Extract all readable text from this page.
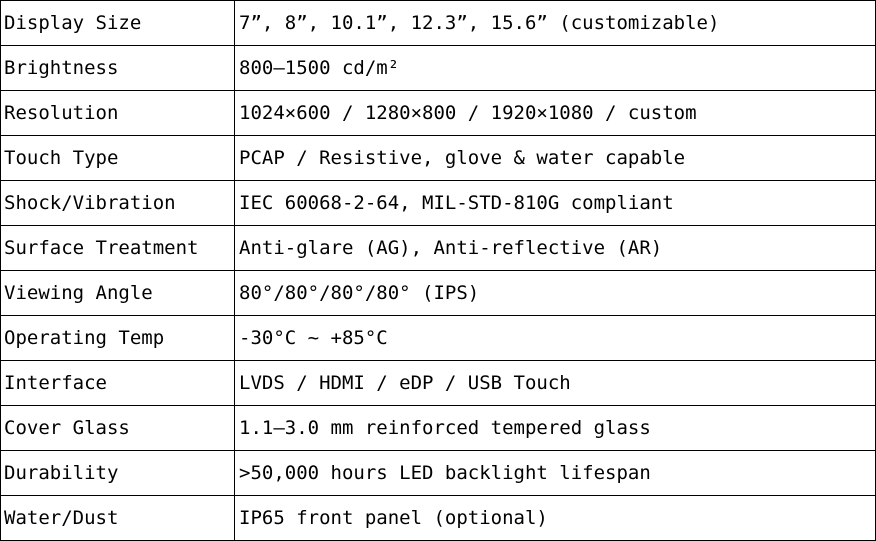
Display Size	7”, 8”, 10.1”, 12.3”, 15.6” (customizable)
Brightness	800–1500 cd/m²
Resolution	1024×600 / 1280×800 / 1920×1080 / custom
Touch Type	PCAP / Resistive, glove & water capable
Shock/Vibration	IEC 60068-2-64, MIL-STD-810G compliant
Surface Treatment	Anti-glare (AG), Anti-reflective (AR)
Viewing Angle	80°/80°/80°/80° (IPS)
Operating Temp	-30°C ~ +85°C
Interface	LVDS / HDMI / eDP / USB Touch
Cover Glass	1.1–3.0 mm reinforced tempered glass
Durability	>50,000 hours LED backlight lifespan
Water/Dust	IP65 front panel (optional)
